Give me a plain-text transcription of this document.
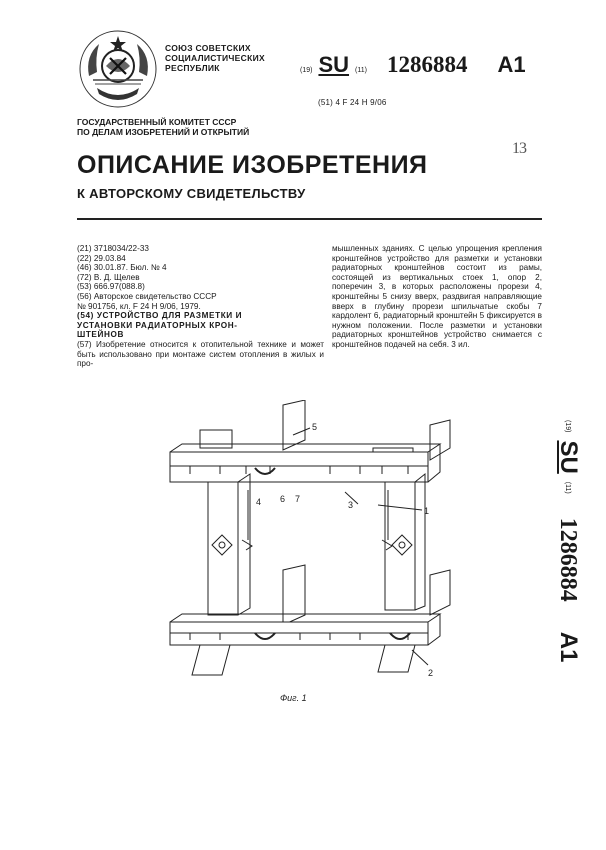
СОЮЗ СОВЕТСКИХ
СОЦИАЛИСТИЧЕСКИХ
РЕСПУБЛИК	(19) SU (11) 1286884 A1
(51) 4 F 24 H 9/06
ГОСУДАРСТВЕННЫЙ КОМИТЕТ СССР
ПО ДЕЛАМ ИЗОБРЕТЕНИЙ И ОТКРЫТИЙ
13
ОПИСАНИЕ ИЗОБРЕТЕНИЯ
К АВТОРСКОМУ СВИДЕТЕЛЬСТВУ
(21) 3718034/22-33
(22) 29.03.84
(46) 30.01.87. Бюл. № 4
(72) В. Д. Щелев
(53) 666.97(088.8)
(56) Авторское свидетельство СССР
№ 901756, кл. F 24 H 9/06, 1979.
(54) УСТРОЙСТВО ДЛЯ РАЗМЕТКИ И
УСТАНОВКИ РАДИАТОРНЫХ КРОН-
ШТЕЙНОВ
(57) Изобретение относится к отопительной технике и может быть использовано при монтаже систем отопления в жилых и про-
мышленных зданиях. С целью упрощения крепления кронштейнов устройство для разметки и установки радиаторных кронштейнов состоит из рамы, состоящей из вертикальных стоек 1, опор 2, поперечин 3, в которых расположены прорези 4, кронштейны 5 снизу вверх, раздвигая направляющие вверх в глубину прорези шпильчатые скобы 7 кардолент 6, радиаторный кронштейн 5 фиксируется в нужном положении. После разметки и установки радиаторных кронштейнов устройство снимается с кронштейнов подачей на себя. 3 ил.
5
4 6 7
3
1
2
Фиг. 1
(19)
SU
(11)
1286884
A1
